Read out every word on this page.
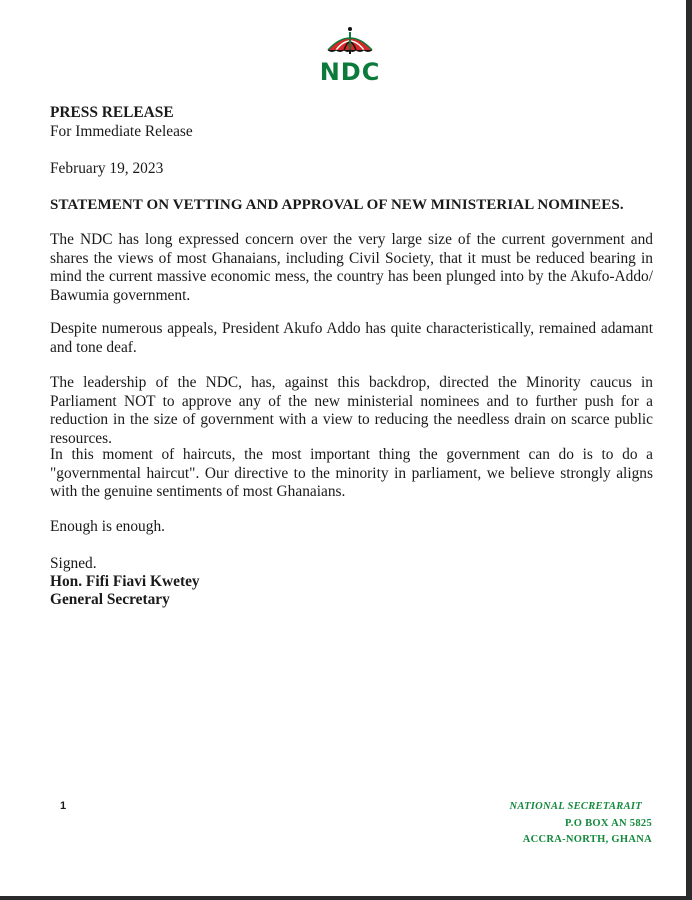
NDC
PRESS RELEASE
For Immediate Release
February 19, 2023
STATEMENT ON VETTING AND APPROVAL OF NEW MINISTERIAL NOMINEES.
The NDC has long expressed concern over the very large size of the current government and shares the views of most Ghanaians, including Civil Society, that it must be reduced bearing in mind the current massive economic mess, the country has been plunged into by the Akufo-Addo/ Bawumia government.
Despite numerous appeals, President Akufo Addo has quite characteristically, remained adamant and tone deaf.
The leadership of the NDC, has, against this backdrop, directed the Minority caucus in Parliament NOT to approve any of the new ministerial nominees and to further push for a reduction in the size of government with a view to reducing the needless drain on scarce public resources.
In this moment of haircuts, the most important thing the government can do is to do a "governmental haircut". Our directive to the minority in parliament, we believe strongly aligns with the genuine sentiments of most Ghanaians.
Enough is enough.
Signed.
Hon. Fifi Fiavi Kwetey
General Secretary
1	NATIONAL SECRETARAIT
P.O BOX AN 5825
ACCRA-NORTH, GHANA
